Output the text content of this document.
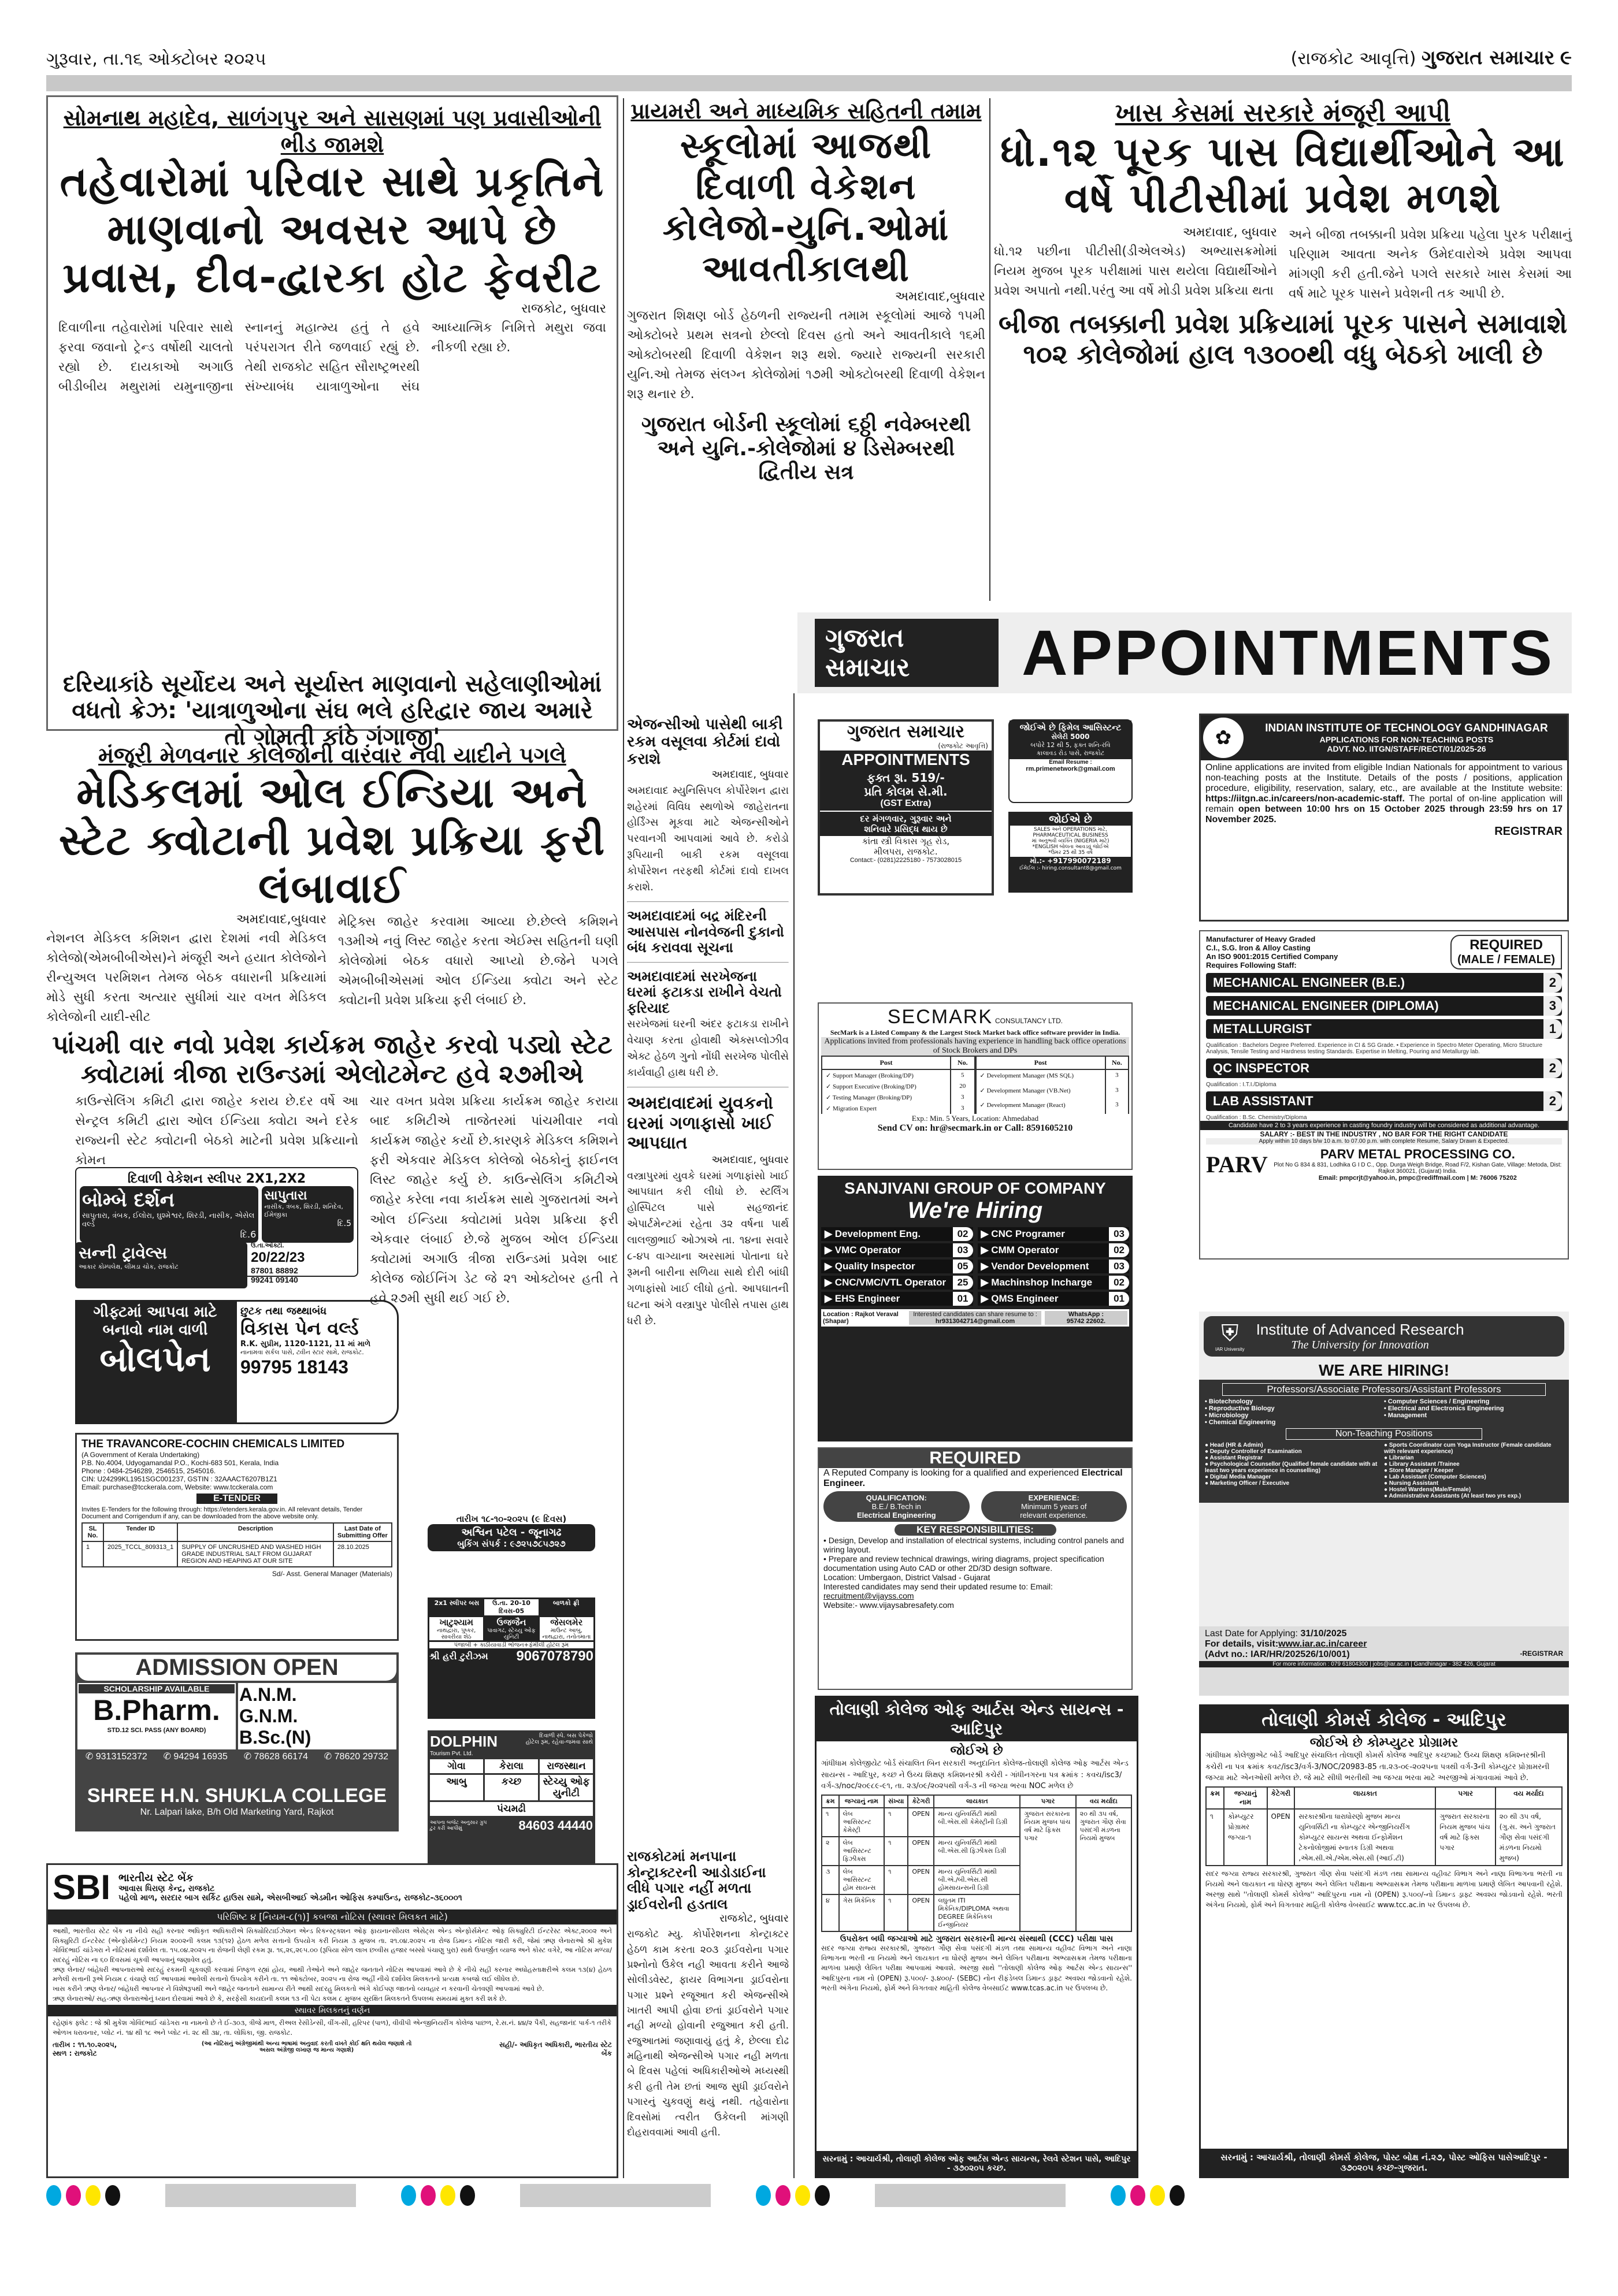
ગુરૂવાર, તા.૧૬ ઓક્ટોબર ૨૦૨૫	(રાજકોટ આવૃત્તિ) ગુજરાત સમાચાર ૯
સોમનાથ મહાદેવ, સાળંગપુર અને સાસણમાં પણ પ્રવાસીઓની ભીડ જામશે
તહેવારોમાં પરિવાર સાથે પ્રકૃતિને માણવાનો અવસર આપે છે પ્રવાસ, દીવ-દ્વારકા હોટ ફેવરીટ
રાજકોટ, બુધવાર
દિવાળીના તહેવારોમાં પરિવાર સાથે ફરવા જવાનો ટ્રેન્ડ વર્ષોથી ચાલતો રહ્યો છે. દાયકાઓ અગાઉ બીડીબીય મથુરામાં યમુનાજીના સ્નાનનું મહાત્મ્ય હતું તે હવે પરંપરાગત રીતે જળવાઈ રહ્યું છે. તેથી રાજકોટ સહિત સૌરાષ્ટ્રભરથી સંખ્યાબંધ યાત્રાળુઓના સંઘ આધ્યાત્મિક નિમિત્તે મથુરા જવા નીકળી રહ્યા છે.
દરિયાકાંઠે સૂર્યોદય અને સૂર્યાસ્ત માણવાનો સહેલાણીઓમાં વધતો ક્રેઝ: 'યાત્રાળુઓના સંઘ ભલે હરિદ્વાર જાય અમારે તો ગોમતી કાંઠે ગંગાજી'
પ્રાયમરી અને માધ્યમિક સહિતની તમામ
સ્કૂલોમાં આજથી દિવાળી વેકેશન કોલેજો-યુનિ.ઓમાં આવતીકાલથી
અમદાવાદ,બુધવાર
ગુજરાત શિક્ષણ બોર્ડ હેઠળની રાજ્યની તમામ સ્કૂલોમાં આજે ૧૫મી ઓક્ટોબરે પ્રથમ સત્રનો છેલ્લો દિવસ હતો અને આવતીકાલે ૧૬મી ઓક્ટોબરથી દિવાળી વેકેશન શરૂ થશે. જ્યારે રાજ્યની સરકારી યુનિ.ઓ તેમજ સંલગ્ન કોલેજોમાં ૧૭મી ઓક્ટોબરથી દિવાળી વેકેશન શરૂ થનાર છે.
ગુજરાત બોર્ડની સ્કૂલોમાં ૬ઠ્ઠી નવેમ્બરથી અને યુનિ.-કોલેજોમાં ૪ ડિસેમ્બરથી દ્વિતીય સત્ર
ખાસ કેસમાં સરકારે મંજૂરી આપી
ધો.૧૨ પૂરક પાસ વિદ્યાર્થીઓને આ વર્ષે પીટીસીમાં પ્રવેશ મળશે
અમદાવાદ, બુધવાર
ધો.૧૨ પછીના પીટીસી(ડીએલએડ) અભ્યાસક્રમોમાં નિયમ મુજબ પૂરક પરીક્ષામાં પાસ થયેલા વિદ્યાર્થીઓને પ્રવેશ અપાતો નથી.પરંતુ આ વર્ષે મોડી પ્રવેશ પ્રક્રિયા થતા
અને બીજા તબક્કાની પ્રવેશ પ્રક્રિયા પહેલા પુરક પરીક્ષાનું પરિણામ આવતા અનેક ઉમેદવારોએ પ્રવેશ આપવા માંગણી કરી હતી.જેને પગલે સરકારે ખાસ કેસમાં આ વર્ષ માટે પૂરક પાસને પ્રવેશની તક આપી છે.
બીજા તબક્કાની પ્રવેશ પ્રક્રિયામાં પૂરક પાસને સમાવાશે
૧૦૨ કોલેજોમાં હાલ ૧૩૦૦થી વધુ બેઠકો ખાલી છે
ગુજરાત સમાચાર	APPOINTMENTS
મંજૂરી મેળવનાર કોલેજોની વારંવાર નવી યાદીને પગલે
મેડિકલમાં ઓલ ઈન્ડિયા અને સ્ટેટ ક્વોટાની પ્રવેશ પ્રક્રિયા ફરી લંબાવાઈ
અમદાવાદ,બુધવાર
નેશનલ મેડિકલ કમિશન દ્વારા દેશમાં નવી મેડિકલ કોલેજો(એમબીબીએસ)ને મંજૂરી અને હયાત કોલેજોને રીન્યુઅલ પરમિશન તેમજ બેઠક વધારાની પ્રક્રિયામાં મોડે સુધી કરતા અત્યાર સુધીમાં ચાર વખત મેડિકલ કોલેજોની યાદી-સીટ
મેટ્રિક્સ જાહેર કરવામા આવ્યા છે.છેલ્લે કમિશને ૧૩મીએ નવું લિસ્ટ જાહેર કરતા એઈમ્સ સહિતની ઘણી કોલેજોમાં બેઠક વધારો આપ્યો છે.જેને પગલે એમબીબીએસમાં ઓલ ઈન્ડિયા ક્વોટા અને સ્ટેટ ક્વોટાની પ્રવેશ પ્રક્રિયા ફરી લંબાઈ છે.
પાંચમી વાર નવો પ્રવેશ કાર્યક્રમ જાહેર કરવો પડ્યો સ્ટેટ ક્વોટામાં ત્રીજા રાઉન્ડમાં એલોટમેન્ટ હવે ૨૭મીએ
કાઉન્સેલિંગ કમિટી દ્વારા જાહેર કરાય છે.દર વર્ષે આ સેન્ટ્રલ કમિટી દ્વારા ઓલ ઈન્ડિયા ક્વોટા અને દરેક રાજ્યની સ્ટેટ ક્વોટાની બેઠકો માટેની પ્રવેશ પ્રક્રિયાનો કોમન
ચાર વખત પ્રવેશ પ્રક્રિયા કાર્યક્રમ જાહેર કરાયા બાદ કમિટીએ તાજેતરમાં પાંચમીવાર નવો કાર્યક્રમ જાહેર કર્યો છે.કારણકે મેડિકલ કમિશને ફરી એકવાર મેડિકલ કોલેજો બેઠકોનું ફાઈનલ લિસ્ટ જાહેર કર્યુ છે. કાઉન્સેલિંગ કમિટીએ જાહેર કરેલા નવા કાર્યક્રમ સાથે ગુજરાતમાં અને ઓલ ઈન્ડિયા ક્વોટામાં પ્રવેશ પ્રક્રિયા ફરી એકવાર લંબાઈ છે.જે મુજબ ઓલ ઈન્ડિયા ક્વોટામાં અગાઉ ત્રીજા રાઉન્ડમાં પ્રવેશ બાદ કોલેજ જોઈનિંગ ડેટ જે ૨૧ ઓક્ટોબર હતી તે હવે ૨૭મી સુધી થઈ ગઈ છે.
દિવાળી વેકેશન સ્લીપર 2X1,2X2
બોમ્બે દર્શન
સાપુતારા, ત્રંબક, ઈલોરા, ઘુશ્મેશ્વર, શિરડી, નાસીક, એસેલ વર્લ્ડ
દિ.6
સાપુતારા
નાસીક, ત્રંબક, શિરડી, શનિદેવ, ઈમેજીકા
દિ.5
સન્ની ટ્રાવેલ્સ
આકાર કોમ્પલેક્ષ, લીમડા ચોક, રાજકોટ
ઉ.તા.ઓક્ટો.
20/22/23
87801 88892
99241 09140
ગીફ્ટમાં આપવા માટે
બનાવો નામ વાળી
બોલપેન
છુટક તથા જથ્થાબંધ
વિકાસ પેન વર્લ્ડ
R.K. સુપ્રીમ, 1120-1121, 11 માં માળે
નાનામવા સર્કલ પાસે, ટ્વીન સ્ટાર સામે, રાજકોટ.
99795 18143
THE TRAVANCORE-COCHIN CHEMICALS LIMITED
(A Government of Kerala Undertaking)
P.B. No.4004, Udyogamandal P.O., Kochi-683 501, Kerala, India
Phone : 0484-2546289, 2546515, 2545016.
CIN: U24299KL1951SGC001237, GSTIN : 32AAACT6207B1Z1
Email: purchase@tcckerala.com, Website: www.tcckerala.com
E-TENDER
Invites E-Tenders for the following through: https://etenders.kerala.gov.in. All relevant details, Tender Document and Corrigendum if any, can be downloaded from the above website only.
SL No.	Tender ID	Description	Last Date of Submitting Offer
1	2025_TCCL_809313_1	SUPPLY OF UNCRUSHED AND WASHED HIGH GRADE INDUSTRIAL SALT FROM GUJARAT REGION AND HEAPING AT OUR SITE	28.10.2025
Sd/- Asst. General Manager (Materials)
ADMISSION OPEN
SCHOLARSHIP AVAILABLE
B.Pharm.
STD.12 SCI. PASS (ANY BOARD)
A.N.M.
G.N.M.
B.Sc.(N)
✆ 9313152372 ✆ 94294 16935 ✆ 78628 66174 ✆ 78620 29732
SHREE H.N. SHUKLA COLLEGE
Nr. Lalpari lake, B/h Old Marketing Yard, Rajkot
તારીખ ૧૮-૧૦-૨૦૨૫ (૯ દિવસ)
અશ્વિન પટેલ - જૂનાગઢ
બુકિંગ સંપર્ક : ૯૭૨૫૭૮૫૭૨૭
2x1 સ્લીપર બસ	ઉ.તા. 20-10 દિવસ-05
બાળકો ફ્રી
ખાટુશ્યામ
નાથદ્વારા, પુષ્કર, સાવરીયા શેઠ
ઉજજૈન
પાવાગઢ, સ્ટેચ્યુ ઓફ યુનિટી
જેસલમેર
માઉન્ટ આબુ, નાથદ્વારા, તનોતમાતા
પંજાબી + કાઠીયાવાડી ભોજન+ફેમીલી હોટલ રૂમ
શ્રી હરી ટુરીઝમ 9067078790
DOLPHIN
Tourism Pvt. Ltd.
દિવાળી સ્પે. બસ પેકેજો
હોટેલ રૂમ, રહેવા-જમવા સાથે
ગોવા	કેરાલા	રાજસ્થાન
આબુ	કચ્છ	સ્ટેચ્યુ ઓફ યુનીટી
પંચમઢી
આપના બજેટ અનુસાર ગ્રુપ ટુર કરી આપીશું	84603 44440
એજન્સીઓ પાસેથી બાકી રકમ વસૂલવા કોર્ટમાં દાવો કરાશે
અમદાવાદ, બુધવાર
અમદાવાદ મ્યુનિસિપલ કોર્પોરેશન દ્વારા શહેરમાં વિવિધ સ્થળોએ જાહેરાતના હોર્ડિંગ્સ મૂકવા માટે એજન્સીઓને પરવાનગી આપવામાં આવે છે. કરોડો રૂપિયાની બાકી રકમ વસૂલવા કોર્પોરેશન તરફથી કોર્ટમાં દાવો દાખલ કરાશે.
અમદાવાદમાં બદ્ર મંદિરની આસપાસ નોનવેજની દુકાનો બંધ કરાવવા સૂચના
અમદાવાદમાં સરખેજના ઘરમાં ફટાકડા રાખીને વેચતો ફરિયાદ
સરખેજમાં ઘરની અંદર ફટાકડા રાખીને વેચાણ કરતા હોવાથી એક્સપ્લોઝીવ એક્ટ હેઠળ ગુનો નોંધી સરખેજ પોલીસે કાર્યવાહી હાથ ધરી છે.
અમદાવાદમાં યુવકનો ઘરમાં ગળાફાસો ખાઈ આપઘાત
અમદાવાદ, બુધવાર
વસ્ત્રાપુરમાં યુવકે ઘરમાં ગળાફાંસો ખાઈ આપઘાત કરી લીધો છે. સ્ટર્લિંગ હોસ્પિટલ પાસે સહજાનંદ એપાર્ટમેન્ટમાં રહેતા ૩૨ વર્ષના પાર્થ લાલજીભાઈ ઓઝાએ તા. ૧૪ના સવારે ૮-૪૫ વાગ્યાના અરસામાં પોતાના ઘરે રૂમની બારીના સળિયા સાથે દોરી બાંધી ગળાફાંસો ખાઈ લીધો હતો. આપઘાતની ઘટના અંગે વસ્ત્રાપુર પોલીસે તપાસ હાથ ધરી છે.
રાજકોટમાં મનપાના કોન્ટ્રાક્ટરની આડોડાઈના લીધે પગાર નહીં મળતા ડ્રાઈવરોની હડતાલ
રાજકોટ, બુધવાર
રાજકોટ મ્યુ. કોર્પોરેશનના કોન્ટ્રાક્ટર હેઠળ કામ કરતા ૨૦૩ ડ્રાઈવરોના પગાર પ્રશ્નોનો ઉકેલ નહી આવતા કરીને આજે સોલીડવેસ્ટ, ફાયર વિભાગના ડ્રાઈવરોના પગાર પ્રશ્ને રજૂઆત કરી એજન્સીએ ખાતરી આપી હોવા છતાં ડ્રાઈવરોને પગાર નહી મળ્યો હોવાની રજુઆત કરી હતી. રજુઆતમાં જણાવાયું હતું કે, છેલ્લા દોઢ મહિનાથી એજન્સીએ પગાર નહી મળતા બે દિવસ પહેલાં અધિકારીઓએ મધ્યસ્થી કરી હતી તેમ છતાં આજ સુધી ડ્રાઈવરોને પગારનું ચુકવણું થયું નથી. તહેવારોના દિવસોમાં ત્વરીત ઉકેલની માંગણી દોહરાવવામાં આવી હતી.
ગુજરાત સમાચાર
(રાજકોટ આવૃત્તિ)
APPOINTMENTS
ફક્ત રૂા. 519/-
પ્રતિ કોલમ સે.મી.
(GST Extra)
દર મંગળવાર, ગુરૂવાર અને
શનિવારે પ્રસિદ્ધ થાય છે
કાંતા સ્ત્રી વિકાસ ગૃહ રોડ,
મીલપરા, રાજકોટ.
Contact:- (0281)2225180 - 7573028015
જોઈએ છે ફિમેલ આસિસ્ટન્ટ
સેલેરી 5000
બપોરે 12 થી 5, ફક્ત શનિ-રવિ
કાલાવડ રોડ પાસે, રાજકોટ
Email Resume :
rm.primenetwork@gmail.com
જોઈએ છે
SALES અને OPERATIONS માટે,
PHARMACEUTICAL BUSINESS
માં અનુભવી વ્યક્તિ (NIGERIA માટે)
*ENGLISH બોલતા આવડવું જોઈએ
*ઉમર 25 થી 35 વર્ષ
મો.:- +917990072189
ઈમેઈલ :- hiring.consultant8@gmail.com
SECMARK CONSULTANCY LTD.
SecMark is a Listed Company & the Largest Stock Market back office software provider in India.
Applications invited from professionals having experience in handling back office operations of Stock Brokers and DPs
Post	No.
✓ Support Manager (Broking/DP)	5
✓ Support Executive (Broking/DP)	20
✓ Testing Manager (Broking/DP)	3
✓ Migration Expert	3
Post	No.
✓ Development Manager (MS SQL)	3
✓ Development Manager (VB.Net)	3
✓ Development Manager (React)	3
Exp.: Min. 5 Years, Location: Ahmedabad
Send CV on: hr@secmark.in or Call: 8591605210
SANJIVANI GROUP OF COMPANY
We're Hiring
▶ Development Eng.	02	▶ CNC Programer	03
▶ VMC Operator	03	▶ CMM Operator	02
▶ Quality Inspector	05	▶ Vendor Development	03
▶ CNC/VMC/VTL Operator	25	▶ Machinshop Incharge	02
▶ EHS Engineer	01	▶ QMS Engineer	01
Location : Rajkot Veraval (Shapar)
Interested candidates can share resume to :
hr9313042714@gmail.com
WhatsApp :
95742 22602.
REQUIRED
A Reputed Company is looking for a qualified and experienced Electrical Engineer.
QUALIFICATION:
B.E./ B.Tech in
Electrical Engineering
EXPERIENCE:
Minimum 5 years of
relevant experience.
KEY RESPONSIBILITIES:
• Design, Develop and installation of electrical systems, including control panels and wiring layout.
• Prepare and review technical drawings, wiring diagrams, project specification documentation using Auto CAD or other 2D/3D design software.
Location: Umbergaon, District Valsad - Gujarat
Interested candidates may send their updated resume to: Email: recruitment@vijayss.com
Website:- www.vijaysabresafety.com
તોલાણી કોલેજ ઓફ આર્ટસ એન્ડ સાયન્સ - આદિપુર
જોઈએ છે
ગાંધીધામ કોલેજીયેટ બોર્ડ સંચાલિત બિન સરકારી અનુદાનિત કોલેજ-તોલાણી કોલેજ ઓફ આર્ટસ એન્ડ સાયન્સ - આદિપુર, કચ્છ ને ઉચ્ચ શિક્ષણ કમિશનરશ્રી કચેરી - ગાંધીનગરના પત્ર ક્રમાંક : કવચ/isc3/વર્ગ-૩/noc/૨૦૯૮૯-૯૧, તા. ૨૩/૦૯/૨૦૨૫થી વર્ગ-૩ ની જગ્યા ભરવા NOC મળેલ છે
ક્રમ	જગ્યાનું નામ	સંખ્યા	કેટેગરી	લાયકાત	પગાર	વય મર્યાદા
૧	લેબ આસિસ્ટન્ટ કેમેસ્ટ્રી	૧	OPEN	માન્ય યુનિવર્સિટી માંથી બી.એસ.સી કેમેસ્ટ્રીની ડિગ્રી	ગુજરાત સરકારના નિયમ મુજબ પાંચ વર્ષ માટે ફિક્સ પગાર	૨૦ થી ૩૫ વર્ષ, ગુજરાત ગૌણ સેવા પસંદગી મંડળના નિયમો મુજબ
૨	લેબ આસિસ્ટન્ટ ફિઝીક્સ	૧	OPEN	માન્ય યુનિવર્સિટી માંથી બી.એસ.સી ફિઝીક્સ ડિગ્રી		
૩	લેબ આસિસ્ટન્ટ હોમ સાયન્સ	૧	OPEN	માન્ય યુનિવર્સિટી માંથી બી.એ./બી.એસ.સી હોમસાયન્સની ડિગ્રી		
૪	ગેસ મિકેનિક	૧	OPEN	લઘુતમ ITI મિકેનિક/DIPLOMA અથવા DEGREE મિકેનિકલ ઈન્જીનિયર		
ઉપરોક્ત બધી જગ્યાઓ માટે ગુજરાત સરકારની માન્ય સંસ્થાથી (CCC) પરીક્ષા પાસ
સદર જગ્યા રાજ્ય સરકારશ્રી, ગુજરાત ગૌણ સેવા પસંદગી મંડળ તથા સામાન્ય વહીવટ વિભાગ અને નાણા વિભાગના ભરતી ના નિયમો અને લાયકાત ના ધોરણે મુજબ અને લેખિત પરીક્ષાના અભ્યાસક્રમ તેમજ પરીક્ષાના માળખા પ્રમાણે લેખિત પરીક્ષા આપવામાં આવશે. અરજી સાથે ''તોલાણી કોલેજ ઓફ આર્ટસ એન્ડ સાયન્સ'' આદિપુરના નામ નો (OPEN) રૂ.૫૦૦/- રૂ.૪૦૦/- (SEBC) નોન રીફંડેબલ ડિમાન્ડ ડ્રાફ્ટ અવશ્ય જોડવાનો રહેશે. ભરતી અંગેના નિયમો, ફોર્મ અને વિગતવાર માહિતી કોલેજ વેબસાઈટ www.tcas.ac.in પર ઉપલબ્ધ છે.
સરનામું : આચાર્યશ્રી, તોલાણી કોલેજ ઓફ આર્ટસ એન્ડ સાયન્સ, રેલવે સ્ટેશન પાસે, આદિપુર - ૩૭૦૨૦૫ કચ્છ.
✿	INDIAN INSTITUTE OF TECHNOLOGY GANDHINAGAR
APPLICATIONS FOR NON-TEACHING POSTS
ADVT. NO. IITGN/STAFF/RECT/01/2025-26
Online applications are invited from eligible Indian Nationals for appointment to various non-teaching posts at the Institute. Details of the posts / positions, application procedure, eligibility, reservation, salary, etc., are available at the Institute website: https://iitgn.ac.in/careers/non-academic-staff. The portal of on-line application will remain open between 10:00 hrs on 15 October 2025 through 23:59 hrs on 17 November 2025.
REGISTRAR
Manufacturer of Heavy Graded
C.I., S.G. Iron & Alloy Casting
An ISO 9001:2015 Certified Company
Requires Following Staff:
REQUIRED
(MALE / FEMALE)
MECHANICAL ENGINEER (B.E.)	2
MECHANICAL ENGINEER (DIPLOMA)	3
METALLURGIST	1
Qualification : Bachelors Degree Preferred. Experience in CI & SG Grade. • Experience in Spectro Meter Operating, Micro Structure Analysis, Tensile Testing and Hardness testing Standards. Expertise in Melting, Pouring and Metallurgy lab.
QC INSPECTOR	2
Qualification : I.T.I./Diploma
LAB ASSISTANT	2
Qualification : B.Sc. Chemistry/Diploma
Candidate have 2 to 3 years experience in casting foundry industry will be considered as additional advantage.
SALARY :- BEST IN THE INDUSTRY , NO BAR FOR THE RIGHT CANDIDATE
Apply within 10 days b/w 10 a.m. to 07.00 p.m. with complete Resume, Salary Drawn & Expected.
PARV	PARV METAL PROCESSING CO.
Plot No G 834 & 831, Lodhika G I D C., Opp. Durga Weigh Bridge, Road F/2, Kishan Gate, Village: Metoda, Dist: Rajkot 360021, (Gujarat) India.
Email: pmpcrjt@yahoo.in, pmpc@rediffmail.com | M: 76006 75202
⛨
IAR University
Institute of Advanced Research
The University for Innovation
WE ARE HIRING!
Professors/Associate Professors/Assistant Professors
• Biotechnology	• Computer Sciences / Engineering
• Reproductive Biology	• Electrical and Electronics Engineering
• Microbiology	• Management
• Chemical Engineering
Non-Teaching Positions
● Head (HR & Admin)
● Deputy Controller of Examination
● Assistant Registrar
● Psychological Counsellor (Qualified female candidate with at least two years experience in counselling)
● Digital Media Manager
● Marketing Officer / Executive
● Sports Coordinator cum Yoga Instructor (Female candidate with relevant experience)
● Librarian
● Library Assistant /Trainee
● Store Manager / Keeper
● Lab Assistant (Computer Sciences)
● Nursing Assistant
● Hostel Wardens(Male/Female)
● Administrative Assistants (At least two yrs exp.)
Last Date for Applying: 31/10/2025
For details, visit:www.iar.ac.in/career
(Advt no.: IAR/HR/202526/10/001)	-REGISTRAR
For more information : 079 61804300 | jobs@iar.ac.in | Gandhinagar - 382 426, Gujarat
તોલાણી કોમર્સ કોલેજ - આદિપુર
જોઈએ છે કોમ્પ્યુટર પ્રોગ્રામર
ગાંધીધામ કોલેજીએટ બોર્ડ આદિપુર સંચાલિત તોલાણી કોમર્સ કોલેજ આદિપુર કચ્છમાટે ઉચ્ચ શિક્ષણ કમિશ્નરશ્રીની કચેરી ના પત્ર ક્રમાંક કવટ/isc3/વર્ગ-3/NOC/20983-85 તા.૨૩-૦૯-૨૦૨૫ના પત્રથી વર્ગ-3ની કોમ્પ્યુટર પ્રોગ્રામરની જગ્યા માટે એનઓસી મળેલ છે. જે માટે સીધી ભરતીથી આ જગ્યા ભરવા માટે અરજીઓ મંગાવવામાં આવે છે.
ક્રમ	જગ્યાનું નામ	કેટેગરી	લાયકાત	પગાર	વય મર્યાદા
૧	કોમ્પ્યુટર પ્રોગ્રામર જગ્યા-૧	OPEN	સરકારશ્રીના ધારાધોરણો મુજબ માન્ય યુનિવર્સિટી ના કોમ્પ્યુટર એન્જીનિયરીંગ કોમ્પ્યુટર સાયન્સ અથવા ઈન્ફોર્મેશન ટેકનોલોજીમાં સ્નાતક ડિગ્રી અથવા ,એમ.સી.એ./એમ.એસ.સી (આઈ.ટી)	ગુજરાત સરકારના નિયમ મુજબ પાંચ વર્ષ માટે ફિક્સ પગાર	૨૦ થી ૩૫ વર્ષ, (ગુ.સ. અને ગુજરાત ગૌણ સેવા પસંદગી મંડળના નિયમો મુજબ)
સદર જગ્યા રાજ્ય સરકારશ્રી, ગુજરાત ગૌણ સેવા પસંદગી મંડળ તથા સામાન્ય વહીવટ વિભાગ અને નાણા વિભાગના ભરતી ના નિયમો અને લાયકાત ના ધોરણ મુજબ અને લેખિત પરીક્ષાના અભ્યાસક્રમ તેમજ પરીક્ષાના માળખા પ્રમાણે લેખિત આપવાની રહેશે. અરજી સાથે ''તોલાણી કોમર્સ કોલેજ'' આદિપુરના નામ નો (OPEN) રૂ.૫૦૦/-નો ડિમાન્ડ ડ્રાફ્ટ અવશ્ય જોડવાનો રહેશે. ભરતી અંગેના નિયમો, ફોર્મ અને વિગતવાર માહિતી કોલેજ વેબસાઈટ www.tcc.ac.in પર ઉપલબ્ધ છે.
સરનામું : આચાર્યશ્રી, તોલાણી કોમર્સ કોલેજ, પોસ્ટ બોક્ષ નં.૨૭, પોસ્ટ ઓફિસ પાસેઆદિપુર - ૩૭૦૨૦૫ કચ્છ-ગુજરાત.
SBI ભારતીય સ્ટેટ બેંક
આવાસ ધિરાણ કેન્દ્ર, રાજકોટ
પહેલો માળ, સરદાર બાગ સર્કિટ હાઉસ સામે, એસબીઆઈ એડમીન ઓફિસ કમ્પાઉન્ડ, રાજકોટ-૩૬૦૦૦૧
પરિશિષ્ટ ૪ [નિયમ-૮(૧)] કબજા નોટિસ (સ્થાવર મિલકત માટે)

આથી, ભારતીય સ્ટેટ બેંક ના નીચે સહી કરનાર અધિકૃત અધિકારીએ સિક્યોરિટાઈઝેશન એન્ડ રિકન્સ્ટ્રક્શન ઓફ ફાયનાન્સીયલ એસેટ્સ એન્ડ એન્ફોર્સમેન્ટ ઓફ સિક્યુરિટી ઈન્ટરેસ્ટ એક્ટ,૨૦૦૨ અને સિક્યુરિટી ઈન્ટરેસ્ટ (એન્ફોર્સમેન્ટ) નિયમ ૨૦૦૨ની કલમ ૧૩(૧૨) હેઠળ મળેલ સત્તાનો ઉપયોગ કરી નિયમ ૩ મુજબ તા. ૨૧.૦૪.૨૦૨૫ ના રોજ ડિમાન્ડ નોટિસ જારી કરી, જેમાં ઋણ લેનારાઓ શ્રી મુકેશ ગોવિંદભાઈ ચાંડેગરા ને નોટિસમાં દર્શાવેલ તા. ૧૫.૦૪.૨૦૨૫ ના રોજની લેણી રકમ રૂા. ૧૬,૨૬,૨૯૫.૦૦ (રૂપિયા સોળ લાખ છવ્વીસ હજાર બસ્સો પંચાણુ પુરા) સાથે ઉપાર્જીત વ્યાજ અને કોસ્ટ વગેરે, આ નોટિસ મળ્યા/ સદરહું નોટિસ ના ૬૦ દિવસમાં ચૂકવી આપવાનું જણાવેલ હતું.

ઋણ લેનાર/ બાંહેધરી આપનારાઓ સદરહું રકમની ચૂકવણી કરવામાં નિષ્ફળ રહ્યાં હોય, આથી તેઓને અને જાહેર જનતાને નોટિસ આપવામાં આવે છે કે નીચે સહી કરનાર અધોહસ્તાક્ષરીએ કલમ ૧૩(૪) હેઠળ મળેલી સત્તાની રૂએ નિયમ ૮ વંચાણે લઈ આપવામાં આવેલી સત્તાનો ઉપયોગ કરીને તા. ૧૧ ઓક્ટોબર, ૨૦૨૫ ના રોજ અહીં નીચે દર્શાવેલ મિલકતનો પ્રત્યક્ષ કબજો લઈ લીધેલ છે.

ખાસ કરીને ઋણ લેનાર/ બાંહેધરી આપનાર ને વિશેષરૂપથી અને જાહેર જનતાને સામાન્ય રીતે આથી સદરહુ મિલકતો અંગે કોઈપણ જાતનો વ્યવહાર ન કરવાની ચેતવણી આપવામાં આવે છે.

ઋણ લેનારાઓ/ સહ-ઋણ લેનારાઓનું ધ્યાન દોરવામાં આવે છે કે, સરફેસી કાયદાની કલમ ૧૩ ની પેટા કલમ ૮ મુજબ સુરક્ષિત મિલકતને ઉપલબ્ધ સમયમાં મુક્ત કરી શકે છે.

સ્થાવર મિલકતનું વર્ણન
રહેણાંક ફ્લેટ : જે શ્રી મુકેશ ગોવિંદભાઈ ચાંડેગરા ના નામનો છે તે ઈ-૩૦૩, ત્રીજે માળ, રીઅલ રેસીડેન્સી, વીંગ-સી, હરિપર (પાળ), વીવીપી એન્જીનિયરીંગ કોલેજ પાછળ, રે.સ.નં. ૪૪/૨ પૈકી, સહજાનંદ પાર્ક-૧ તરીકે ઓળખ ધરાવનાર, પ્લોટ નં. ૧૪ થી ૧૮ અને પ્લોટ નં. ૨૮ થી ૩૪, તા. લોધિકા, જી. રાજકોટ.
તારીખ : ૧૧.૧૦.૨૦૨૫,
સ્થળ : રાજકોટ
(આ નોટિસનું અંગ્રેજીમાંથી અન્ય ભાષામાં અનુવાદ કરતી વખતે કોઈ ક્ષતિ થયેલ જણાશે તો અસલ અંગ્રેજી લખાણ જ માન્ય ગણાશે)
સહી/- અધિકૃત અધિકારી, ભારતીય સ્ટેટ બેંક
